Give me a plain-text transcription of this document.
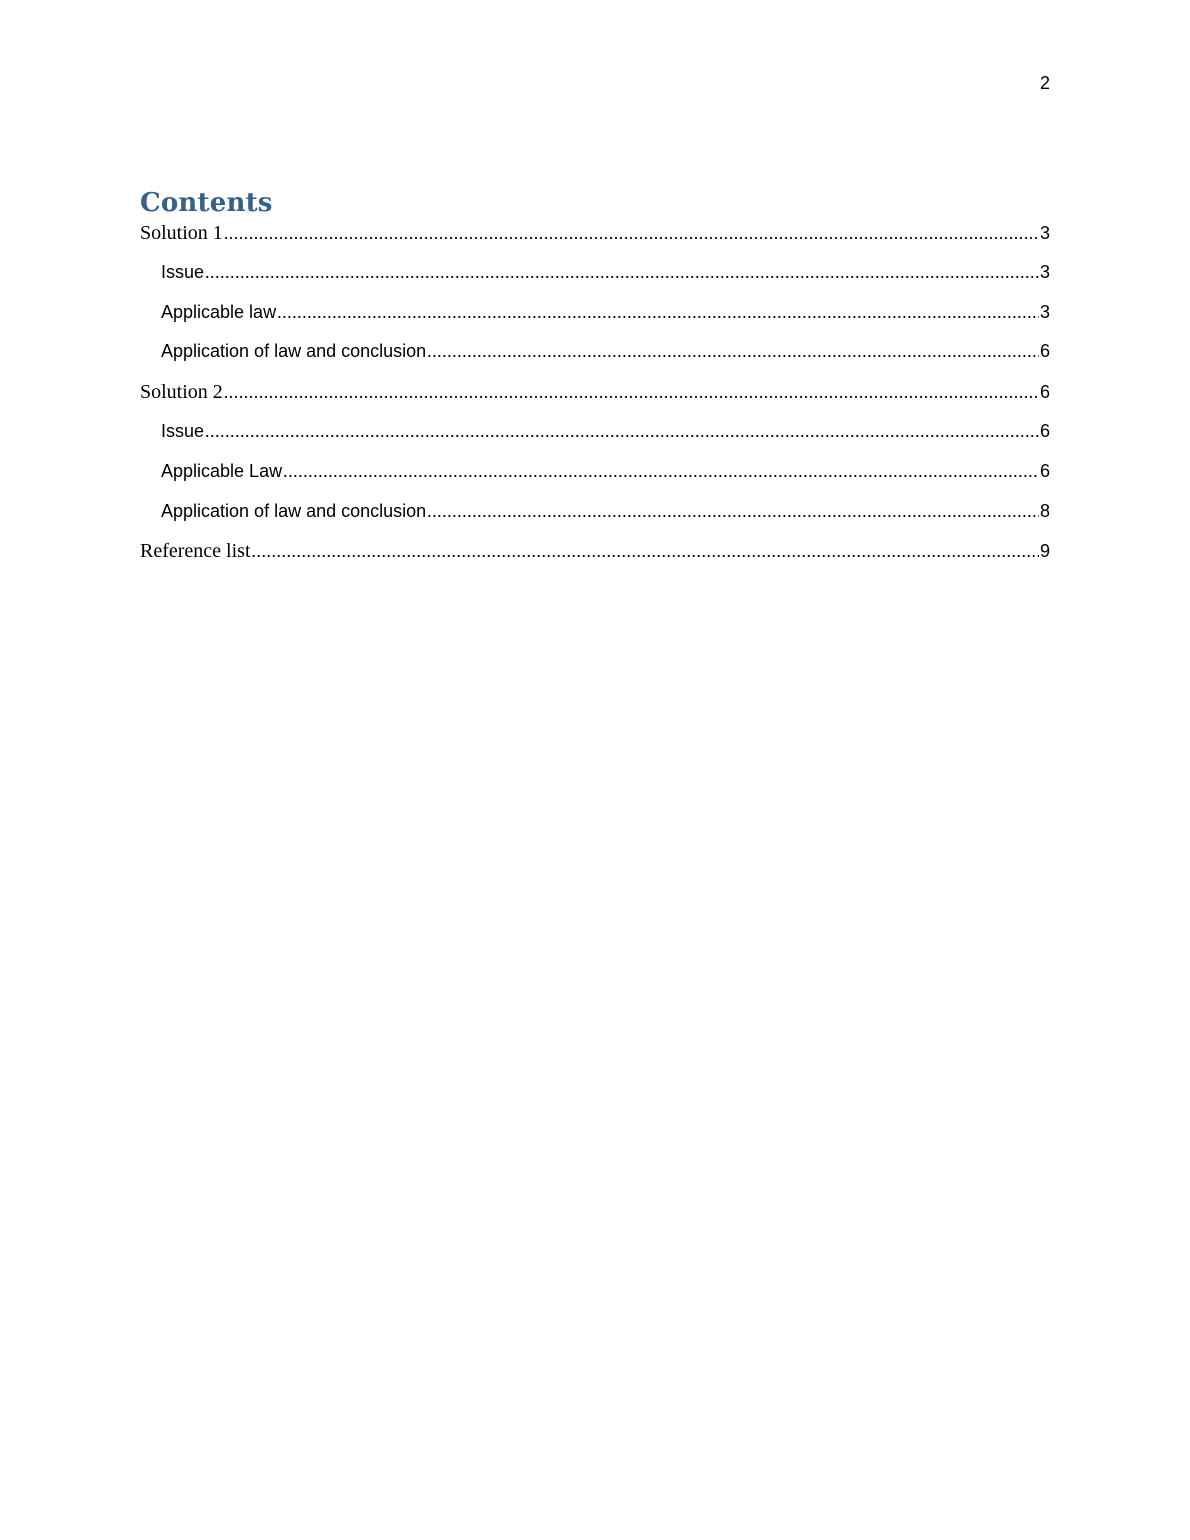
2
Contents
Solution 1 .....	3
Issue .....	3
Applicable law .....	3
Application of law and conclusion .....	6
Solution 2 .....	6
Issue .....	6
Applicable Law .....	6
Application of law and conclusion .....	8
Reference list .....	9
